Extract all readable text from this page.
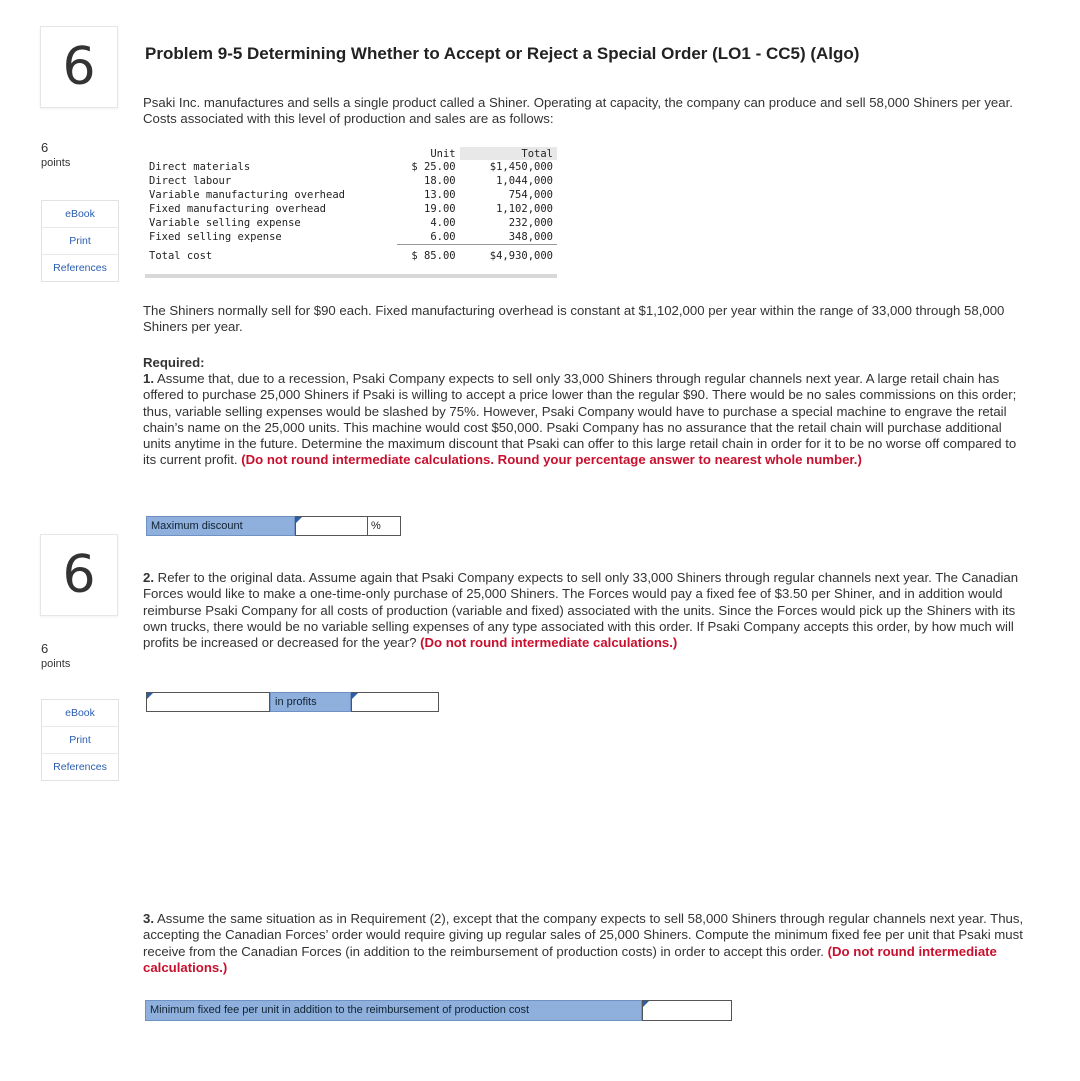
6
6
points
eBook
Print
References
6
6
points
eBook
Print
References
Problem 9-5 Determining Whether to Accept or Reject a Special Order (LO1 - CC5) (Algo)
Psaki Inc. manufactures and sells a single product called a Shiner. Operating at capacity, the company can produce and sell 58,000 Shiners per year. Costs associated with this level of production and sales are as follows:
	Unit	Total
Direct materials	$ 25.00	$1,450,000
Direct labour	18.00	1,044,000
Variable manufacturing overhead	13.00	754,000
Fixed manufacturing overhead	19.00	1,102,000
Variable selling expense	4.00	232,000
Fixed selling expense	6.00	348,000
Total cost	$ 85.00	$4,930,000
The Shiners normally sell for $90 each. Fixed manufacturing overhead is constant at $1,102,000 per year within the range of 33,000 through 58,000 Shiners per year.
Required:
1. Assume that, due to a recession, Psaki Company expects to sell only 33,000 Shiners through regular channels next year. A large retail chain has offered to purchase 25,000 Shiners if Psaki is willing to accept a price lower than the regular $90. There would be no sales commissions on this order; thus, variable selling expenses would be slashed by 75%. However, Psaki Company would have to purchase a special machine to engrave the retail chain’s name on the 25,000 units. This machine would cost $50,000. Psaki Company has no assurance that the retail chain will purchase additional units anytime in the future. Determine the maximum discount that Psaki can offer to this large retail chain in order for it to be no worse off compared to its current profit. (Do not round intermediate calculations. Round your percentage answer to nearest whole number.)
Maximum discount	%
2. Refer to the original data. Assume again that Psaki Company expects to sell only 33,000 Shiners through regular channels next year. The Canadian Forces would like to make a one-time-only purchase of 25,000 Shiners. The Forces would pay a fixed fee of $3.50 per Shiner, and in addition would reimburse Psaki Company for all costs of production (variable and fixed) associated with the units. Since the Forces would pick up the Shiners with its own trucks, there would be no variable selling expenses of any type associated with this order. If Psaki Company accepts this order, by how much will profits be increased or decreased for the year? (Do not round intermediate calculations.)
in profits
3. Assume the same situation as in Requirement (2), except that the company expects to sell 58,000 Shiners through regular channels next year. Thus, accepting the Canadian Forces’ order would require giving up regular sales of 25,000 Shiners. Compute the minimum fixed fee per unit that Psaki must receive from the Canadian Forces (in addition to the reimbursement of production costs) in order to accept this order. (Do not round intermediate calculations.)
Minimum fixed fee per unit in addition to the reimbursement of production cost
